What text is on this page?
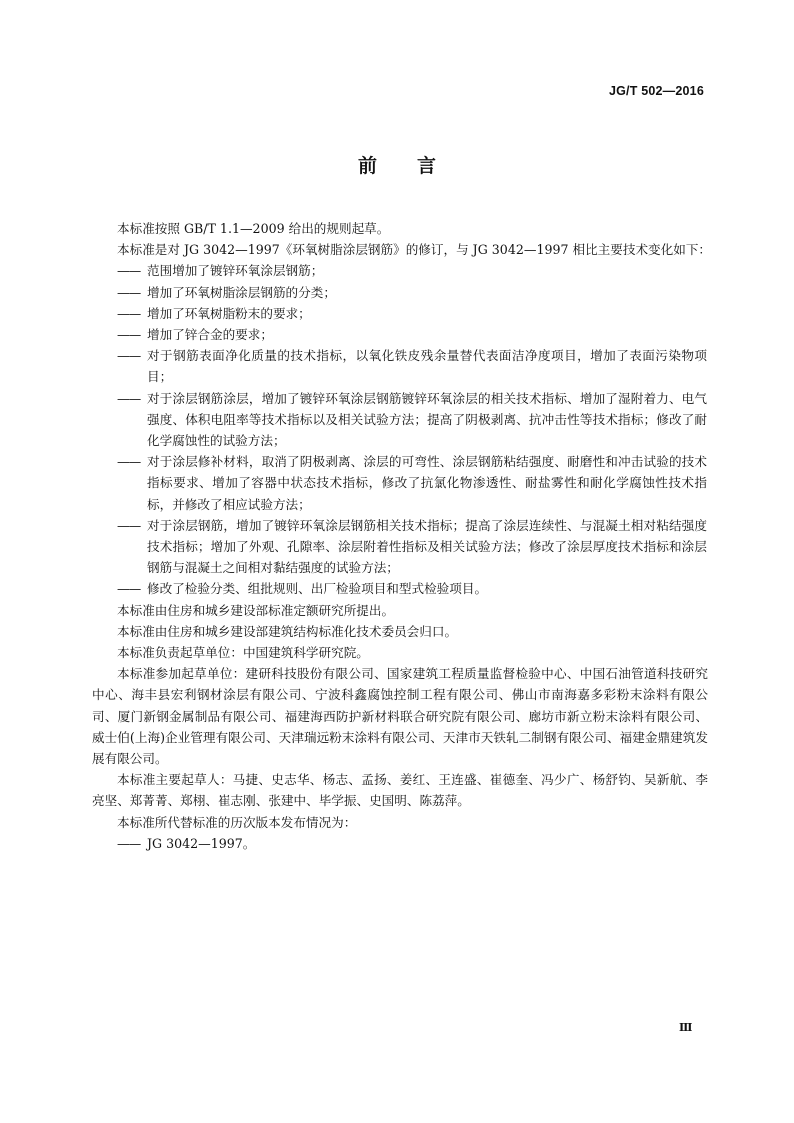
JG/T 502—2016
前言

本标准按照 GB/T 1.1—2009 给出的规则起草。

本标准是对 JG 3042—1997《环氧树脂涂层钢筋》的修订，与 JG 3042—1997 相比主要技术变化如下：

—— 范围增加了镀锌环氧涂层钢筋；
—— 增加了环氧树脂涂层钢筋的分类；
—— 增加了环氧树脂粉末的要求；
—— 增加了锌合金的要求；
—— 对于钢筋表面净化质量的技术指标，以氧化铁皮残余量替代表面洁净度项目，增加了表面污染物项目；
—— 对于涂层钢筋涂层，增加了镀锌环氧涂层钢筋镀锌环氧涂层的相关技术指标、增加了湿附着力、电气强度、体积电阻率等技术指标以及相关试验方法；提高了阴极剥离、抗冲击性等技术指标；修改了耐化学腐蚀性的试验方法；
—— 对于涂层修补材料，取消了阴极剥离、涂层的可弯性、涂层钢筋粘结强度、耐磨性和冲击试验的技术指标要求、增加了容器中状态技术指标，修改了抗氯化物渗透性、耐盐雾性和耐化学腐蚀性技术指标，并修改了相应试验方法；
—— 对于涂层钢筋，增加了镀锌环氧涂层钢筋相关技术指标；提高了涂层连续性、与混凝土相对粘结强度技术指标；增加了外观、孔隙率、涂层附着性指标及相关试验方法；修改了涂层厚度技术指标和涂层钢筋与混凝土之间相对黏结强度的试验方法；
—— 修改了检验分类、组批规则、出厂检验项目和型式检验项目。

本标准由住房和城乡建设部标准定额研究所提出。

本标准由住房和城乡建设部建筑结构标准化技术委员会归口。

本标准负责起草单位：中国建筑科学研究院。

本标准参加起草单位：建研科技股份有限公司、国家建筑工程质量监督检验中心、中国石油管道科技研究中心、海丰县宏利钢材涂层有限公司、宁波科鑫腐蚀控制工程有限公司、佛山市南海嘉多彩粉末涂料有限公司、厦门新钢金属制品有限公司、福建海西防护新材料联合研究院有限公司、廊坊市新立粉末涂料有限公司、威士伯(上海)企业管理有限公司、天津瑞远粉末涂料有限公司、天津市天铁轧二制钢有限公司、福建金鼎建筑发展有限公司。

本标准主要起草人：马捷、史志华、杨志、孟扬、姜红、王连盛、崔德奎、冯少广、杨舒钧、吴新航、李亮坚、郑菁菁、郑栩、崔志刚、张建中、毕学振、史国明、陈荔萍。

本标准所代替标准的历次版本发布情况为：

—— JG 3042—1997。
Ⅲ
